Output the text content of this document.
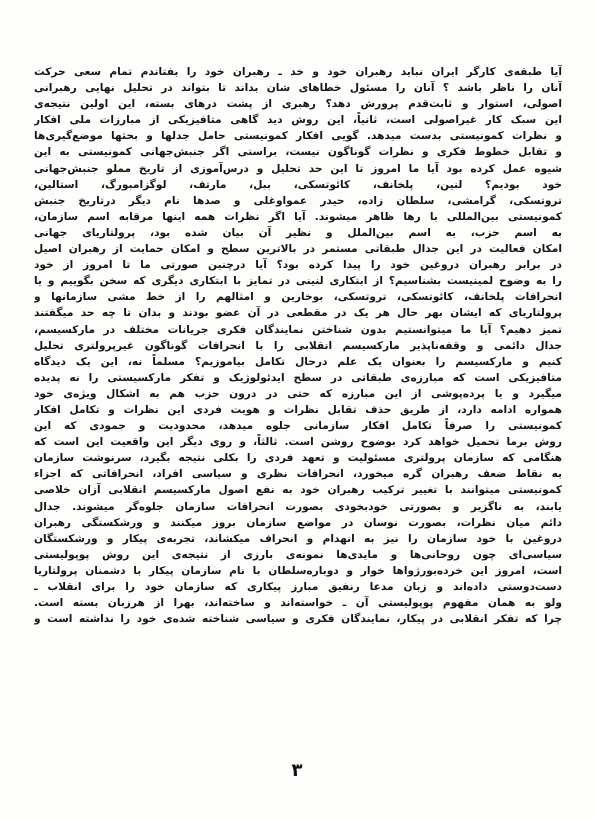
آیا طبقه‌ی کارگر ایران نباید رهبران خود و خد ـ رهبران خود را بفتاندم تمام سعی حرکت
آنان را ناظر باشد ؟ آنان را مسئول خطاهای شان بداند تا بتواند در تحلیل نهایی رهبرانی
اصولی، استوار و ثابت‌قدم پرورش دهد؟ رهبری از پشت درهای بسته، این اولین نتیجه‌ی
این سبک کار غیراصولی است، ثانیاً، این روش دید گاهی متافیزیکی از مبارزات ملی افکار
و نظرات کمونیستی بدست میدهد. گویی افکار کمونیستی حامل جدلها و بحثها موضع‌گیری‌ها
و تقابل خطوط فکری و نظرات گوناگون نیست، براستی اگر جنبش‌جهانی کمونیستی به این
شیوه عمل کرده بود آیا ما امروز تا این حد تحلیل و درس‌آموزی از تاریخ مملو جنبش‌جهانی
خود بودیم؟ لنین، پلخانف، کائوتسکی، ببل، مارتف، لوگزامبورگ، استالین،
تروتسکی، گرامشی، سلطان زاده، حیدر عمواوغلی و صدها نام دیگر درتاریخ جنبش
کمونیستی بین‌المللی با رها ظاهر میشوند. آیا اگر نظرات همه اینها مرقابه اسم سازمان،
به اسم حزب، به اسم بین‌الملل و نظیر آن بیان شده بود، پرولتاریای جهانی
امکان فعالیت در این جدال طبقاتی مستمر در بالاترین سطح و امکان حمایت از رهبران اصیل
در برابر رهبران دروغین خود را پیدا کرده بود؟ آیا درچنین صورتی ما تا امروز از خود
را به وضوح لمینیست بشناسیم؟ از ابتکاری لنینی در تمایز با ابتکاری دیگری که سخن بگوییم و یا
انحرافات پلخانف، کائوتسکی، تروتسکی، بوخارین و امثالهم را از خط مشی سازمانها و
پرولتاریای که ایشان بهر حال هر یک در مقطعی در آن عضو بودند و بدان تا چه حد میگفتند
تمیز دهیم؟ آیا ما میتوانستیم بدون شناختن نمایندگان فکری جریانات مختلف در مارکسیسم،
جدال دائمی و وقفه‌ناپذیر مارکسیسم انقلابی را با انحرافات گوناگون غیرپرولتری تحلیل
کنیم و مارکسیسم را بعنوان یک علم درحال تکامل بیاموزیم؟ مسلماً نه، این یک دیدگاه
متافیزیکی است که مبارزه‌ی طبقاتی در سطح ایدئولوژیک و تفکر مارکسیستی را نه پدیده
میگیرد و یا پرده‌پوشی از این مبارزه که حتی در درون حزب هم به اشکال ویژه‌ی خود
همواره ادامه دارد، از طریق حذف تقابل نظرات و هویت فردی این نظرات و تکامل افکار
کمونیستی را صرفاً تکامل افکار سازمانی جلوه میدهد، محدودیت و جمودی که این
روش برما تحمیل خواهد کرد بوضوح روشن است. ثالثاً، و روی دیگر این واقعیت این است که
هنگامی که سازمان پرولتری مسئولیت و تعهد فردی را بکلی نتیجه بگیرد، سرنوشت سازمان
به نقاط ضعف رهبران گره میخورد، انحرافات نظری و سیاسی افراد، انحرافاتی که اجزاء
کمونیستی میتوانند با تغییر ترکیب رهبران خود به نفع اصول مارکسیسم انقلابی آزان خلاصی
یابند، به ناگزیر و بصورتی خودبخودی بصورت انحرافات سازمان جلوه‌گر میشوند. جدال
دائم میان نظرات، بصورت نوسان در مواضع سازمان بروز میکنند و ورشکستگی رهبران
دروغین با خود سازمان را نیز به انهدام و انحراف میکشاند، تجربه‌ی پیکار و ورشکستگان
سیاسی‌ای چون روحانی‌ها و مایدی‌ها نمونه‌ی بارزی از نتیجه‌ی این روش پوپولیستی
است، امروز این خرده‌بورژواها خوار و دوباره‌سلطان با نام سازمان پیکار با دشمنان پرولتاریا
دست‌دوستی داده‌اند و زبان مدعا رنفیق مبارز پیکاری که سازمان خود را برای انقلاب ـ
ولو به همان مفهوم پوپولیستی آن ـ خواسته‌اند و ساخته‌اند، بهرا از هرزبان بسته است.
چرا که تفکر انقلابی در پیکار، نمایندگان فکری و سیاسی شناخته شده‌ی خود را نداشته است و
٣
